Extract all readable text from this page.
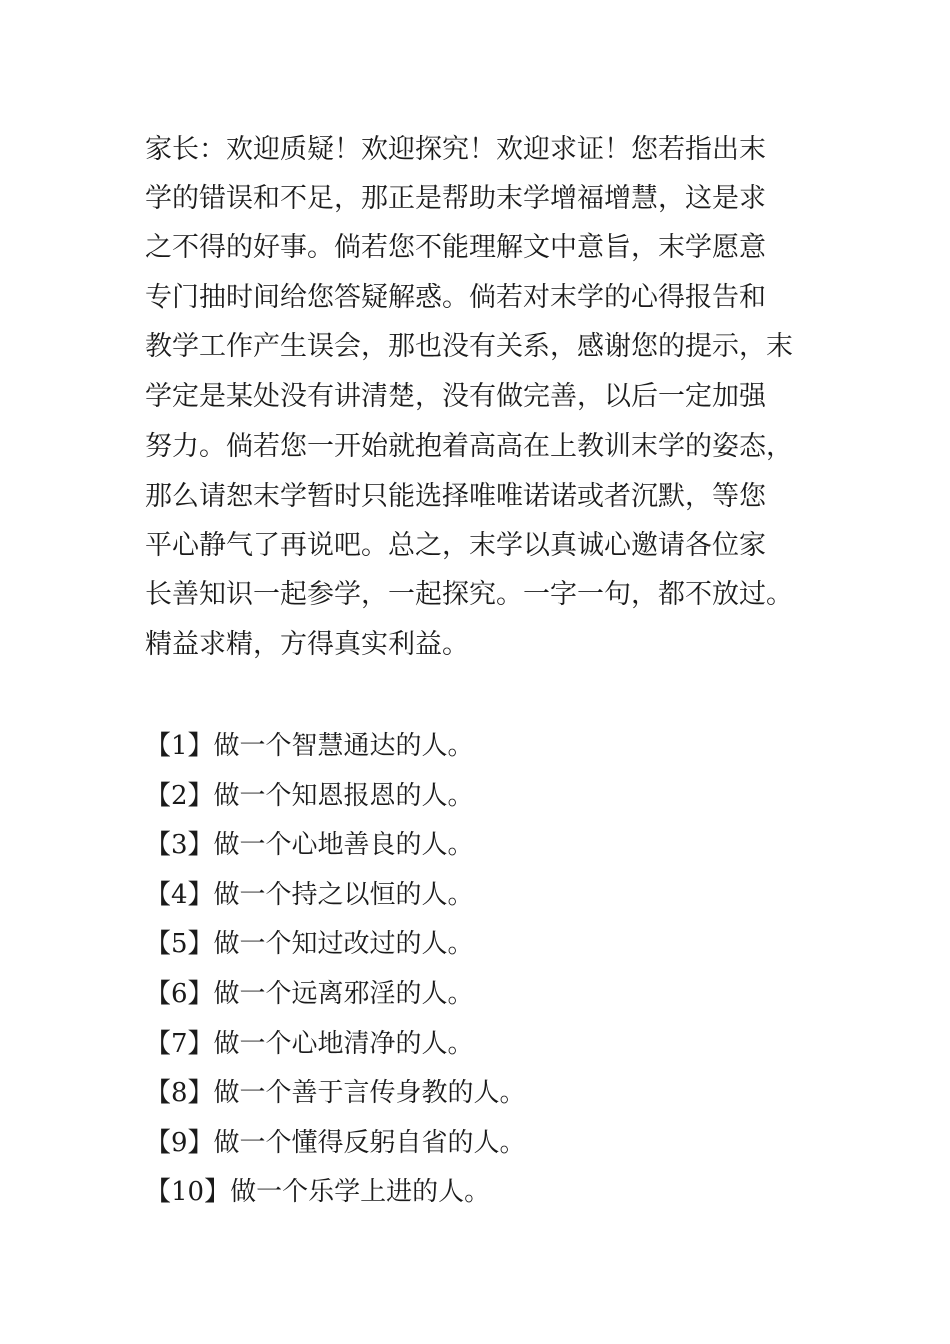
家长：欢迎质疑！欢迎探究！欢迎求证！您若指出末
学的错误和不足，那正是帮助末学增福增慧，这是求
之不得的好事。倘若您不能理解文中意旨，末学愿意
专门抽时间给您答疑解惑。倘若对末学的心得报告和
教学工作产生误会，那也没有关系，感谢您的提示，末
学定是某处没有讲清楚，没有做完善，以后一定加强
努力。倘若您一开始就抱着高高在上教训末学的姿态，
那么请恕末学暂时只能选择唯唯诺诺或者沉默，等您
平心静气了再说吧。总之，末学以真诚心邀请各位家
长善知识一起参学，一起探究。一字一句，都不放过。
精益求精，方得真实利益。
【1】做一个智慧通达的人。
【2】做一个知恩报恩的人。
【3】做一个心地善良的人。
【4】做一个持之以恒的人。
【5】做一个知过改过的人。
【6】做一个远离邪淫的人。
【7】做一个心地清净的人。
【8】做一个善于言传身教的人。
【9】做一个懂得反躬自省的人。
【10】做一个乐学上进的人。
